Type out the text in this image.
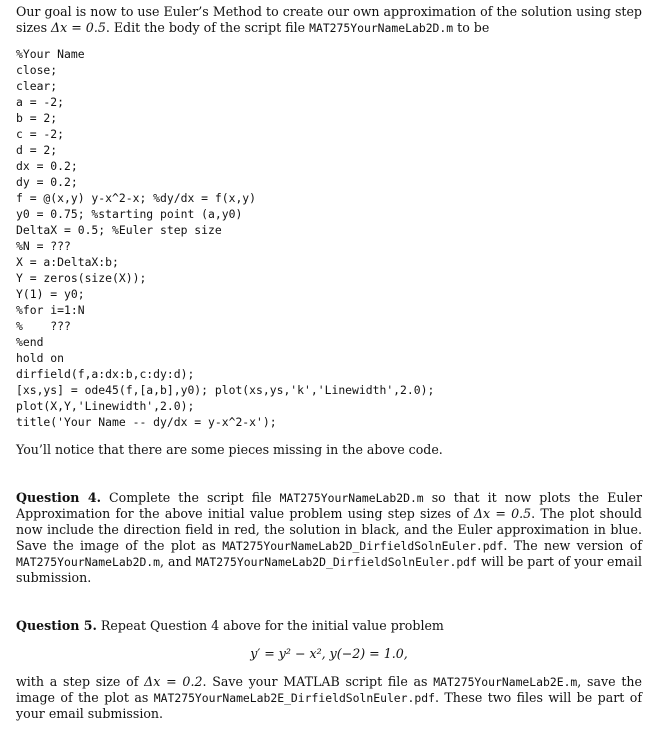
Our goal is now to use Euler’s Method to create our own approximation of the solution using step sizes Δx = 0.5. Edit the body of the script file MAT275YourNameLab2D.m to be
%Your Name
close;
clear;
a = -2;
b = 2;
c = -2;
d = 2;
dx = 0.2;
dy = 0.2;
f = @(x,y) y-x^2-x; %dy/dx = f(x,y)
y0 = 0.75; %starting point (a,y0)
DeltaX = 0.5; %Euler step size
%N = ???
X = a:DeltaX:b;
Y = zeros(size(X));
Y(1) = y0;
%for i=1:N
%    ???
%end
hold on
dirfield(f,a:dx:b,c:dy:d);
[xs,ys] = ode45(f,[a,b],y0); plot(xs,ys,'k','Linewidth',2.0);
plot(X,Y,'Linewidth',2.0);
title('Your Name -- dy/dx = y-x^2-x');
You’ll notice that there are some pieces missing in the above code.
Question 4. Complete the script file MAT275YourNameLab2D.m so that it now plots the Euler Approximation for the above initial value problem using step sizes of Δx = 0.5. The plot should now include the direction field in red, the solution in black, and the Euler approximation in blue. Save the image of the plot as MAT275YourNameLab2D_DirfieldSolnEuler.pdf. The new version of MAT275YourNameLab2D.m, and MAT275YourNameLab2D_DirfieldSolnEuler.pdf will be part of your email submission.
Question 5. Repeat Question 4 above for the initial value problem
y′ = y² − x², y(−2) = 1.0,
with a step size of Δx = 0.2. Save your MATLAB script file as MAT275YourNameLab2E.m, save the image of the plot as MAT275YourNameLab2E_DirfieldSolnEuler.pdf. These two files will be part of your email submission.
